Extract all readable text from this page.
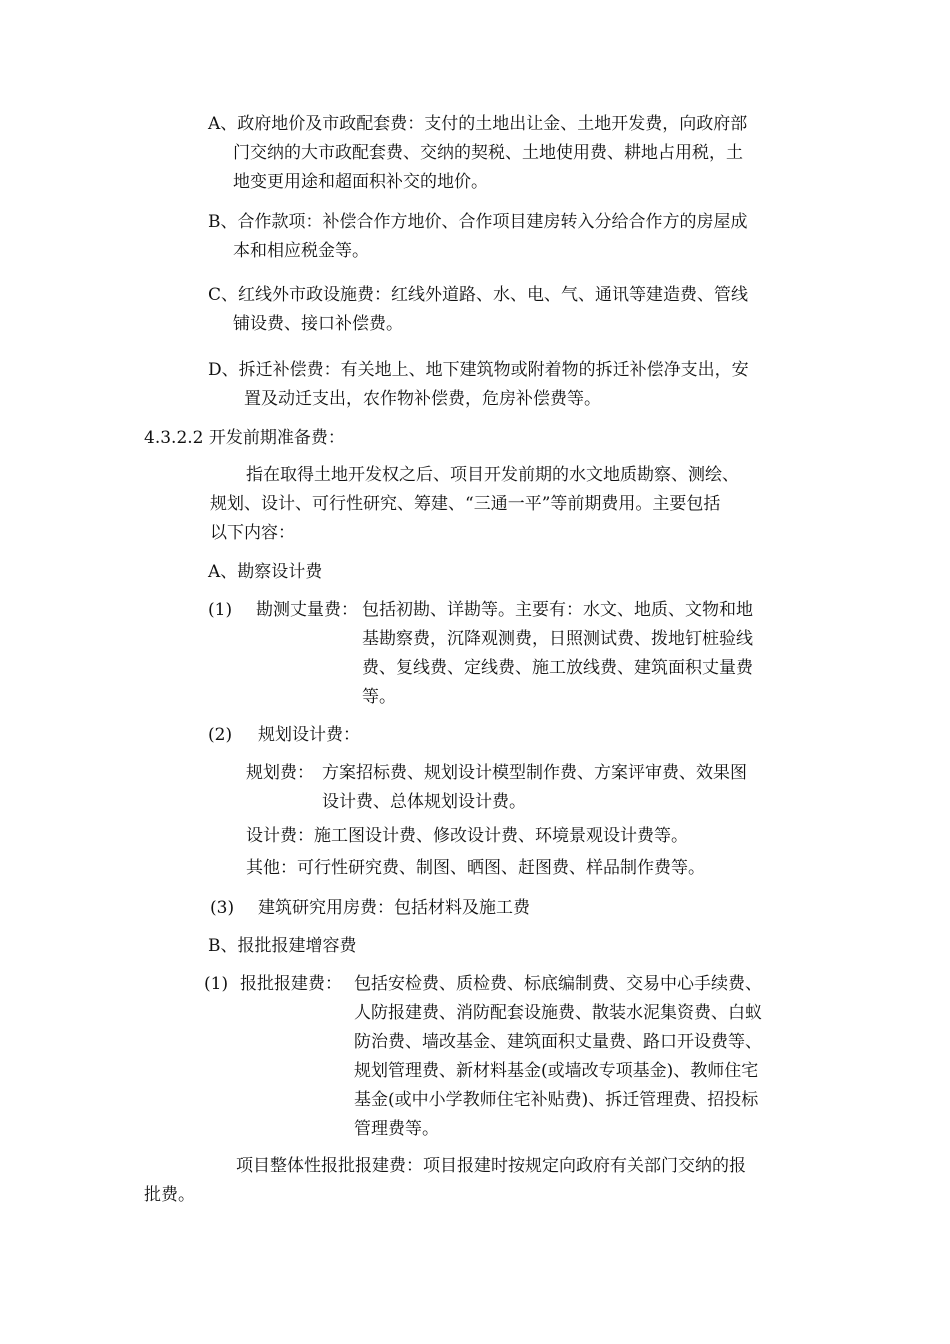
A、政府地价及市政配套费：支付的土地出让金、土地开发费，向政府部
门交纳的大市政配套费、交纳的契税、土地使用费、耕地占用税，土
地变更用途和超面积补交的地价。
B、合作款项：补偿合作方地价、合作项目建房转入分给合作方的房屋成
本和相应税金等。
C、红线外市政设施费：红线外道路、水、电、气、通讯等建造费、管线
铺设费、接口补偿费。
D、拆迁补偿费：有关地上、地下建筑物或附着物的拆迁补偿净支出，安
置及动迁支出，农作物补偿费，危房补偿费等。
4.3.2.2 开发前期准备费：
指在取得土地开发权之后、项目开发前期的水文地质勘察、测绘、
规划、设计、可行性研究、筹建、“三通一平”等前期费用。主要包括
以下内容：
A、勘察设计费
(1) 勘测丈量费： 包括初勘、详勘等。主要有：水文、地质、文物和地
基勘察费，沉降观测费，日照测试费、拨地钉桩验线
费、复线费、定线费、施工放线费、建筑面积丈量费
等。
(2) 规划设计费：
规划费： 方案招标费、规划设计模型制作费、方案评审费、效果图
设计费、总体规划设计费。
设计费：施工图设计费、修改设计费、环境景观设计费等。
其他：可行性研究费、制图、晒图、赶图费、样品制作费等。
(3) 建筑研究用房费：包括材料及施工费
B、报批报建增容费
(1) 报批报建费： 包括安检费、质检费、标底编制费、交易中心手续费、
人防报建费、消防配套设施费、散装水泥集资费、白蚁
防治费、墙改基金、建筑面积丈量费、路口开设费等、
规划管理费、新材料基金(或墙改专项基金)、教师住宅
基金(或中小学教师住宅补贴费)、拆迁管理费、招投标
管理费等。
项目整体性报批报建费：项目报建时按规定向政府有关部门交纳的报
批费。
